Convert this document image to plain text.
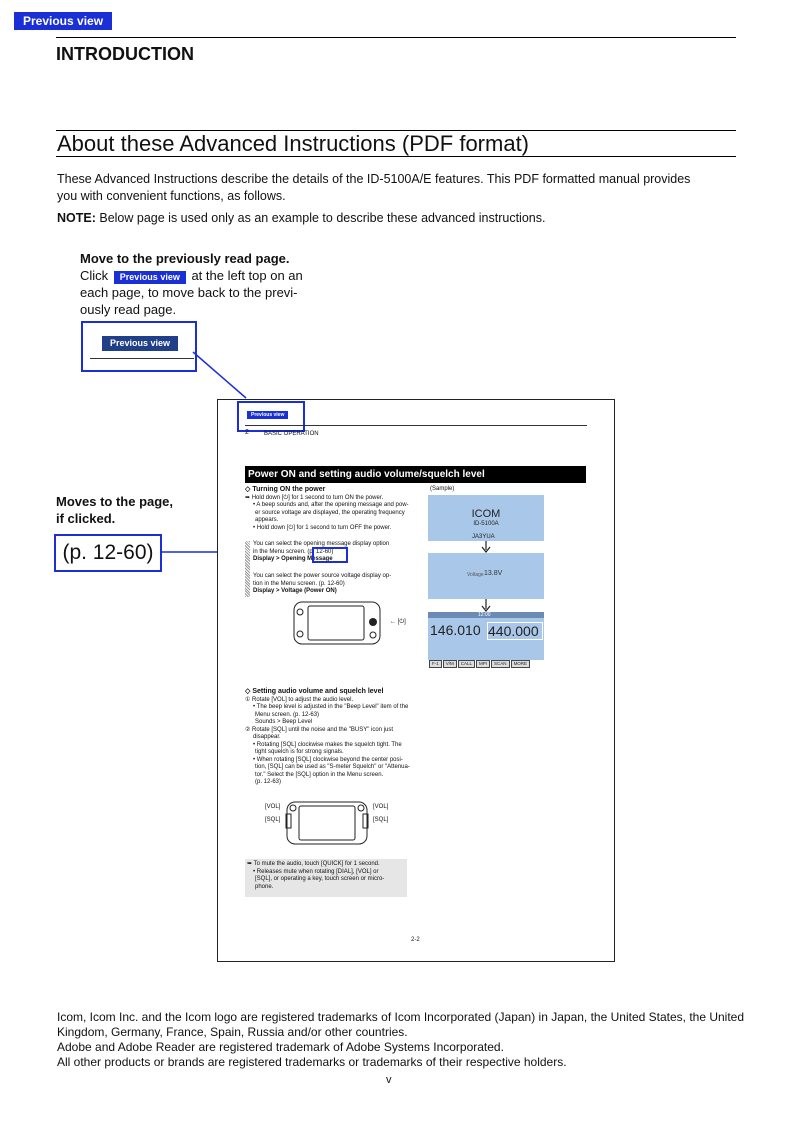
Previous view
INTRODUCTION
About these Advanced Instructions (PDF format)
These Advanced Instructions describe the details of the ID-5100A/E features. This PDF formatted manual provides
you with convenient functions, as follows.
NOTE: Below page is used only as an example to describe these advanced instructions.
Move to the previously read page.
Click Previous view at the left top on an
each page, to move back to the previ-
ously read page.
Previous view
Moves to the page,
if clicked.
(p. 12-60)
Previous view
2	BASIC OPERATION
Power ON and setting audio volume/squelch level
◇ Turning ON the power
➥ Hold down [⏻] for 1 second to turn ON the power.
• A beep sounds and, after the opening message and pow-
er source voltage are displayed, the operating frequency
appears.
• Hold down [⏻] for 1 second to turn OFF the power.
You can select the opening message display option
in the Menu screen. (p. 12-60)
Display > Opening Message
You can select the power source voltage display op-
tion in the Menu screen. (p. 12-60)
Display > Voltage (Power ON)
← [⏻]
(Sample)
ICOM
ID-5100A
JA3YUA
Voltage 13.8V
12:00
146.010 440.000
F-1 V/M CALL MPI SCAN MORE
◇ Setting audio volume and squelch level
① Rotate [VOL] to adjust the audio level.
• The beep level is adjusted in the "Beep Level" item of the
Menu screen. (p. 12-63)
Sounds > Beep Level
② Rotate [SQL] until the noise and the "BUSY" icon just
disappear.
• Rotating [SQL] clockwise makes the squelch tight. The
tight squelch is for strong signals.
• When rotating [SQL] clockwise beyond the center posi-
tion, [SQL] can be used as "S-meter Squelch" or "Attenua-
tor." Select the [SQL] option in the Menu screen.
(p. 12-63)
[VOL]
[SQL]
[VOL]
[SQL]
➥ To mute the audio, touch [QUICK] for 1 second.
• Releases mute when rotating [DIAL], [VOL] or
[SQL], or operating a key, touch screen or micro-
phone.
2-2
Icom, Icom Inc. and the Icom logo are registered trademarks of Icom Incorporated (Japan) in Japan, the United States, the United
Kingdom, Germany, France, Spain, Russia and/or other countries.
Adobe and Adobe Reader are registered trademark of Adobe Systems Incorporated.
All other products or brands are registered trademarks or trademarks of their respective holders.
v
